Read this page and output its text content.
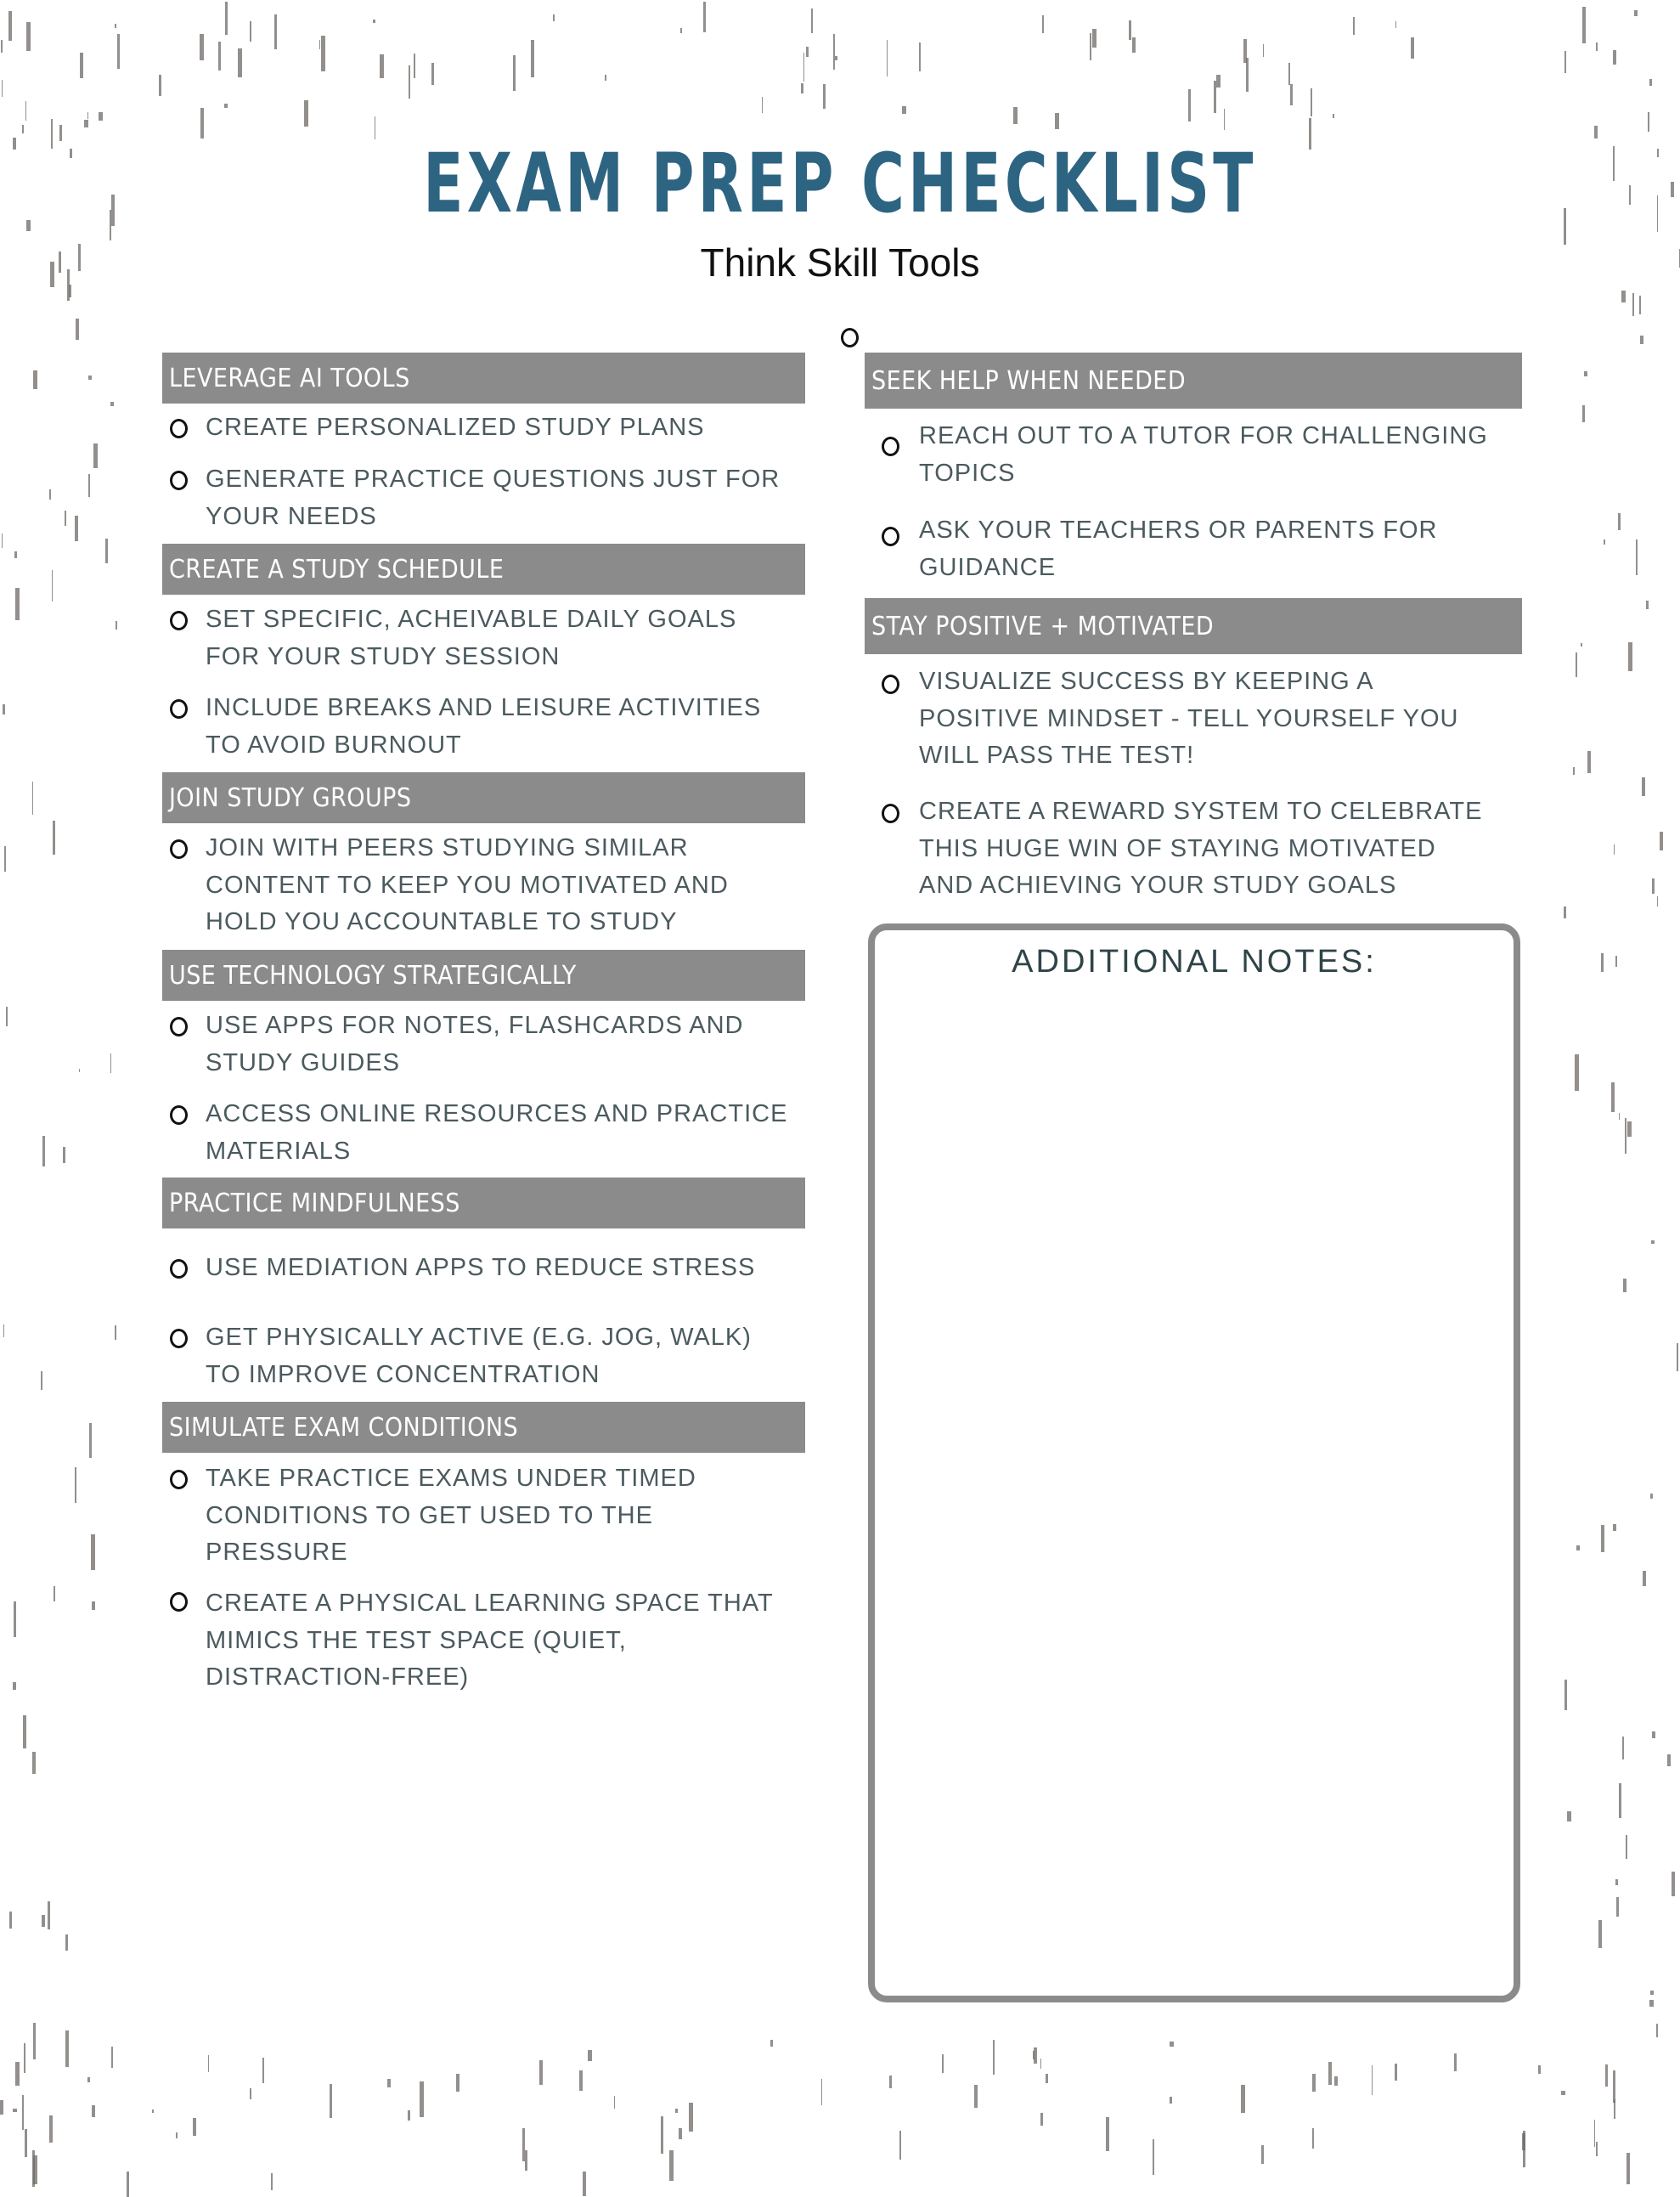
EXAM PREP CHECKLIST
Think Skill Tools
LEVERAGE AI TOOLS
CREATE PERSONALIZED STUDY PLANS
GENERATE PRACTICE QUESTIONS JUST FOR
YOUR NEEDS
CREATE A STUDY SCHEDULE
SET SPECIFIC, ACHEIVABLE DAILY GOALS
FOR YOUR STUDY SESSION
INCLUDE BREAKS AND LEISURE ACTIVITIES
TO AVOID BURNOUT
JOIN STUDY GROUPS
JOIN WITH PEERS STUDYING SIMILAR
CONTENT TO KEEP YOU MOTIVATED AND
HOLD YOU ACCOUNTABLE TO STUDY
USE TECHNOLOGY STRATEGICALLY
USE APPS FOR NOTES, FLASHCARDS AND
STUDY GUIDES
ACCESS ONLINE RESOURCES AND PRACTICE
MATERIALS
PRACTICE MINDFULNESS
USE MEDIATION APPS TO REDUCE STRESS
GET PHYSICALLY ACTIVE (E.G. JOG, WALK)
TO IMPROVE CONCENTRATION
SIMULATE EXAM CONDITIONS
TAKE PRACTICE EXAMS UNDER TIMED
CONDITIONS TO GET USED TO THE
PRESSURE
CREATE A PHYSICAL LEARNING SPACE THAT
MIMICS THE TEST SPACE (QUIET,
DISTRACTION-FREE)
SEEK HELP WHEN NEEDED
REACH OUT TO A TUTOR FOR CHALLENGING
TOPICS
ASK YOUR TEACHERS OR PARENTS FOR
GUIDANCE
STAY POSITIVE + MOTIVATED
VISUALIZE SUCCESS BY KEEPING A
POSITIVE MINDSET - TELL YOURSELF YOU
WILL PASS THE TEST!
CREATE A REWARD SYSTEM TO CELEBRATE
THIS HUGE WIN OF STAYING MOTIVATED
AND ACHIEVING YOUR STUDY GOALS
ADDITIONAL NOTES:
